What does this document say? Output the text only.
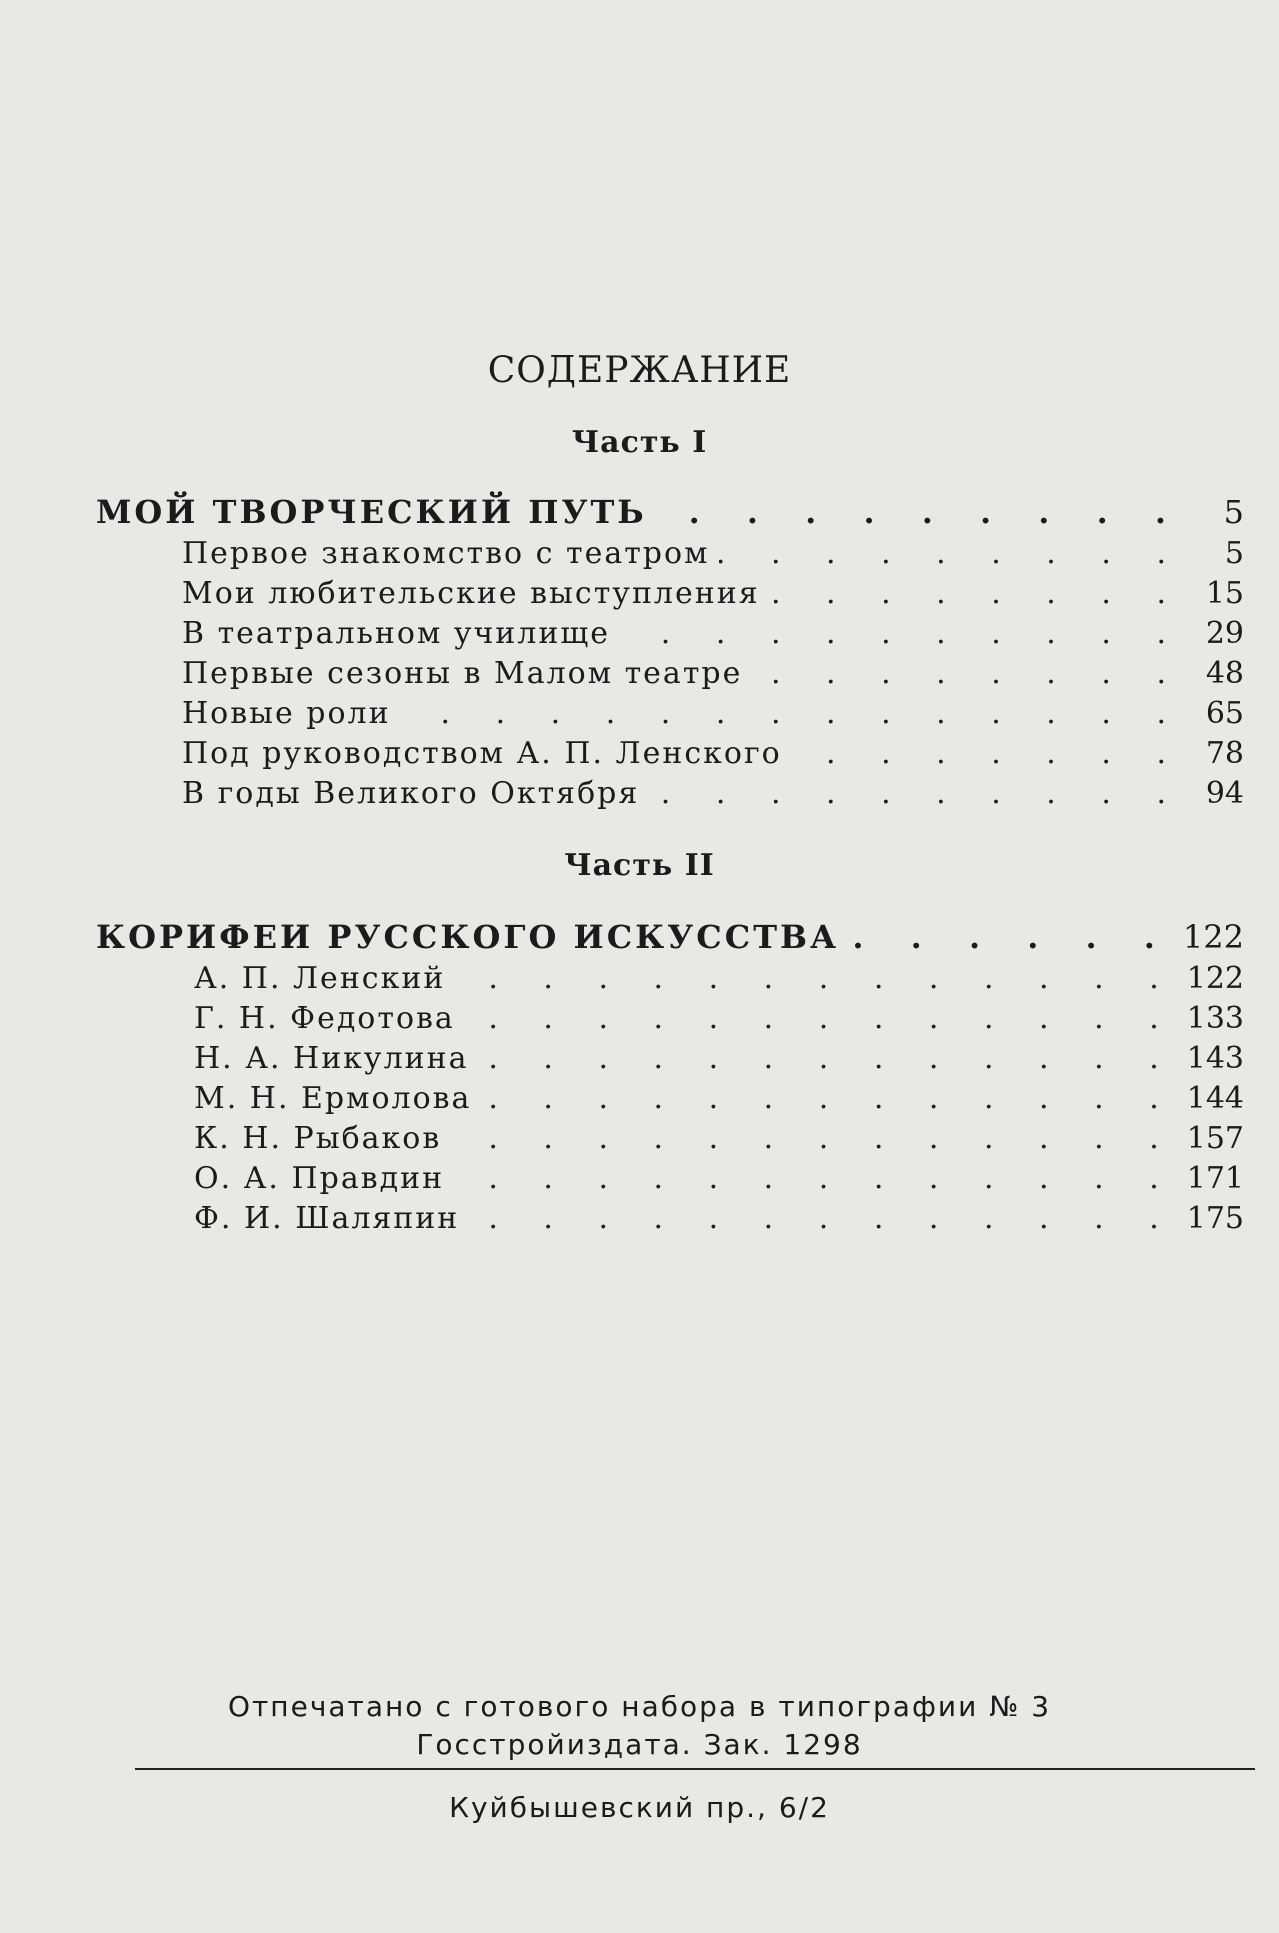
СОДЕРЖАНИЕ
Часть I
МОЙ ТВОРЧЕСКИЙ ПУТЬ . . .	5
Первое знакомство с театром . . .	5
Мои любительские выступления . . .	15
В театральном училище . . .	29
Первые сезоны в Малом театре . . .	48
Новые роли . . .	65
Под руководством А. П. Ленского . . .	78
В годы Великого Октября . . .	94
Часть II
КОРИФЕИ РУССКОГО ИСКУССТВА . . .	122
А. П. Ленский . . .	122
Г. Н. Федотова . . .	133
Н. А. Никулина . . .	143
М. Н. Ермолова . . .	144
К. Н. Рыбаков . . .	157
О. А. Правдин . . .	171
Ф. И. Шаляпин . . .	175
Отпечатано с готового набора в типографии № 3
Госстройиздата. Зак. 1298
Куйбышевский пр., 6/2
